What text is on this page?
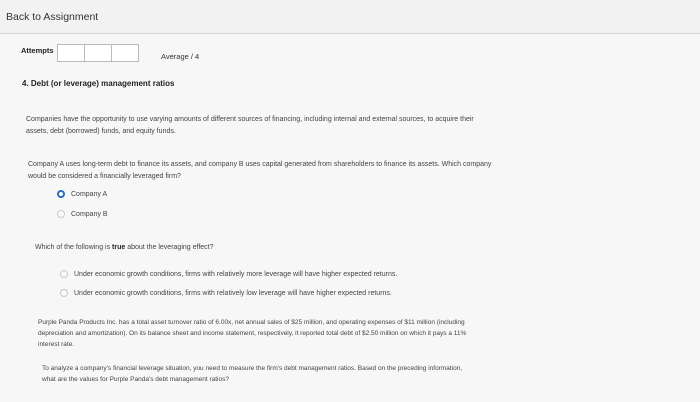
Back to Assignment
Attempts
Average / 4
4. Debt (or leverage) management ratios
Companies have the opportunity to use varying amounts of different sources of financing, including internal and external sources, to acquire their
assets, debt (borrowed) funds, and equity funds.
Company A uses long-term debt to finance its assets, and company B uses capital generated from shareholders to finance its assets. Which company
would be considered a financially leveraged firm?
Company A
Company B
Which of the following is true about the leveraging effect?
Under economic growth conditions, firms with relatively more leverage will have higher expected returns.
Under economic growth conditions, firms with relatively low leverage will have higher expected returns.
Purple Panda Products Inc. has a total asset turnover ratio of 6.00x, net annual sales of $25 million, and operating expenses of $11 million (including
depreciation and amortization). On its balance sheet and income statement, respectively, it reported total debt of $2.50 million on which it pays a 11%
interest rate.
To analyze a company's financial leverage situation, you need to measure the firm's debt management ratios. Based on the preceding information,
what are the values for Purple Panda's debt management ratios?
